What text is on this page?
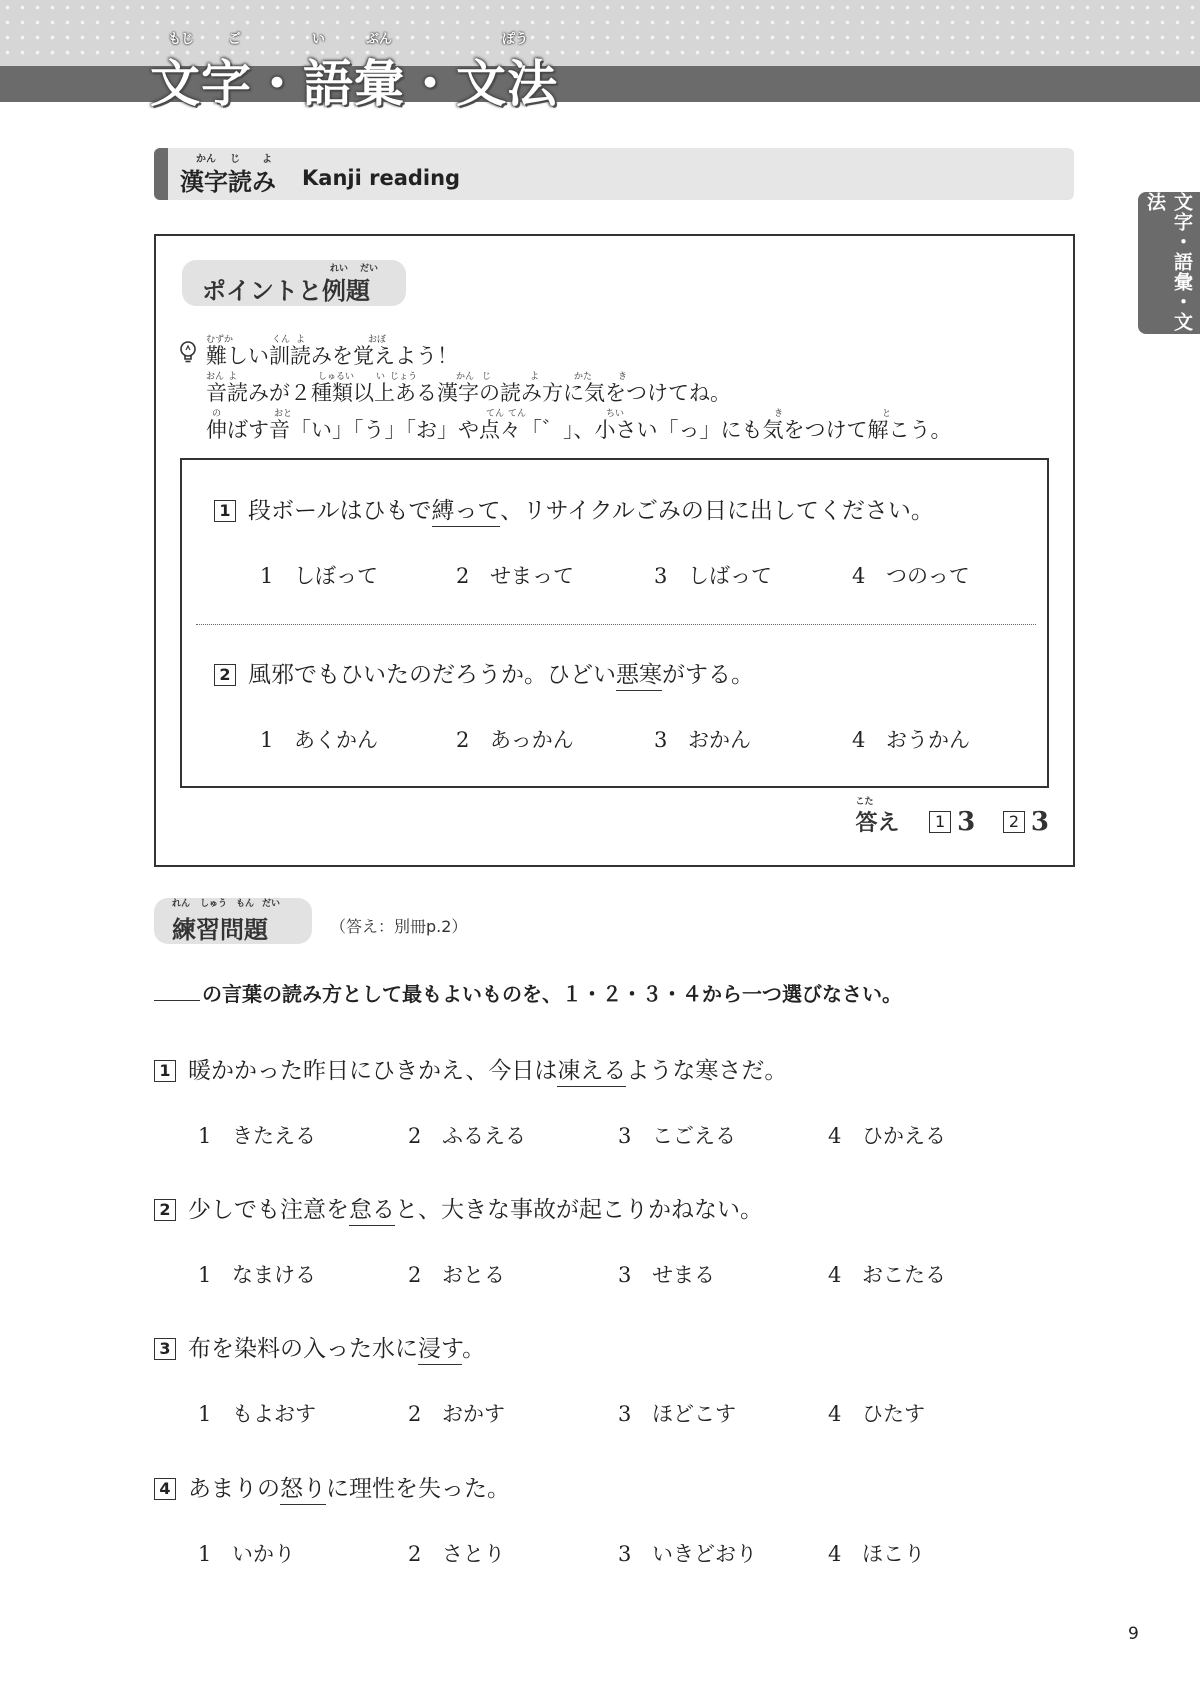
もじ	ご	い	ぶん	ぽう
文字・語彙・文法
文字・語彙・文法
かん じ よ
漢字読み Kanji reading
れい だい
ポイントと例題
むずか	くん よ	おぼ
難しい訓読みを覚えよう！
おん よ	しゅるい い じょう	かん じ	よ	かた	き
音読みが２種類以上ある漢字の読み方に気をつけてね。
の	おと	てん てん	ちい	き	と
伸ばす音「い」「う」「お」や点々「゛」、小さい「っ」にも気をつけて解こう。
1 段ボールはひもで縛って、リサイクルごみの日に出してください。
1 しぼって	2 せまって	3 しばって	4 つのって
2 風邪でもひいたのだろうか。ひどい悪寒がする。
1 あくかん	2 あっかん	3 おかん	4 おうかん
こた
答え 1 3 2 3
れん しゅう もん だい
練習問題	（答え：別冊p.2）
の言葉の読み方として最もよいものを、１・２・３・４から一つ選びなさい。
1 暖かかった昨日にひきかえ、今日は凍えるような寒さだ。
1 きたえる	2 ふるえる	3 こごえる	4 ひかえる
2 少しでも注意を怠ると、大きな事故が起こりかねない。
1 なまける	2 おとる	3 せまる	4 おこたる
3 布を染料の入った水に浸す。
1 もよおす	2 おかす	3 ほどこす	4 ひたす
4 あまりの怒りに理性を失った。
1 いかり	2 さとり	3 いきどおり	4 ほこり
9
